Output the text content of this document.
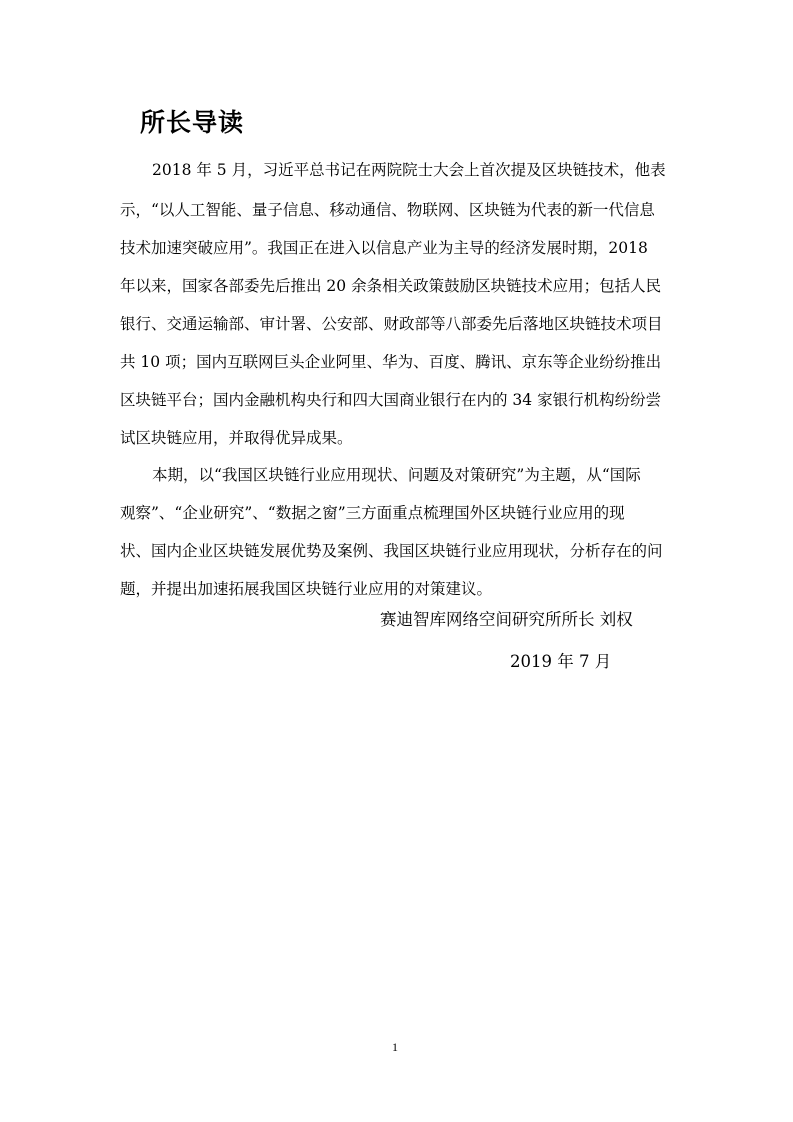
所长导读
2018 年 5 月，习近平总书记在两院院士大会上首次提及区块链技术，他表
示，“以人工智能、量子信息、移动通信、物联网、区块链为代表的新一代信息
技术加速突破应用”。我国正在进入以信息产业为主导的经济发展时期，2018
年以来，国家各部委先后推出 20 余条相关政策鼓励区块链技术应用；包括人民
银行、交通运输部、审计署、公安部、财政部等八部委先后落地区块链技术项目
共 10 项；国内互联网巨头企业阿里、华为、百度、腾讯、京东等企业纷纷推出
区块链平台；国内金融机构央行和四大国商业银行在内的 34 家银行机构纷纷尝
试区块链应用，并取得优异成果。
本期，以“我国区块链行业应用现状、问题及对策研究”为主题，从“国际
观察”、“企业研究”、“数据之窗”三方面重点梳理国外区块链行业应用的现
状、国内企业区块链发展优势及案例、我国区块链行业应用现状，分析存在的问
题，并提出加速拓展我国区块链行业应用的对策建议。
赛迪智库网络空间研究所所长 刘权
2019 年 7 月
1
